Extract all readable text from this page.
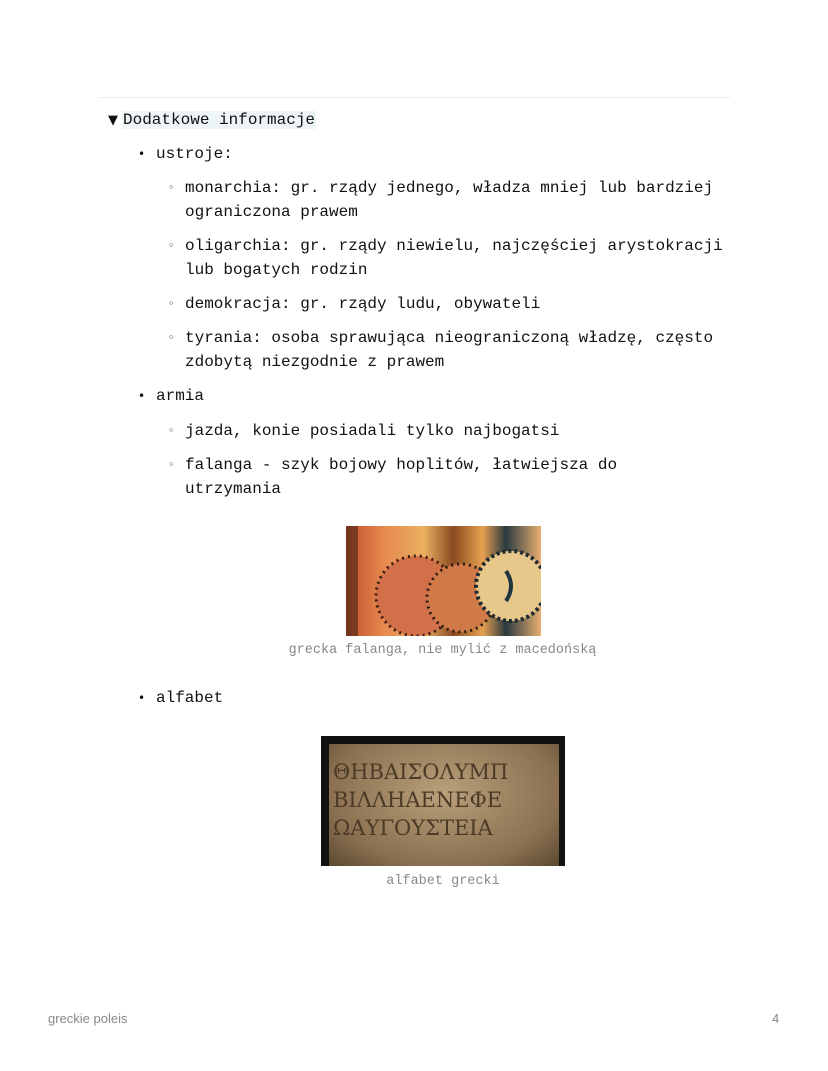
▼ Dodatkowe informacje
• ustroje:
◦ monarchia: gr. rządy jednego, władza mniej lub bardziej ograniczona prawem
◦ oligarchia: gr. rządy niewielu, najczęściej arystokracji lub bogatych rodzin
◦ demokracja: gr. rządy ludu, obywateli
◦ tyrania: osoba sprawująca nieograniczoną władzę, często zdobytą niezgodnie z prawem
• armia
◦ jazda, konie posiadali tylko najbogatsi
◦ falanga - szyk bojowy hoplitów, łatwiejsza do utrzymania
grecka falanga, nie mylić z macedońską
• alfabet
ΘΗΒΑΙΣΟΛΥΜΠ
ΒΙΛΛΗΑΕΝΕΦΕ
ΩΑΥΓΟΥΣΤΕΙΑ
alfabet grecki
greckie poleis	4
